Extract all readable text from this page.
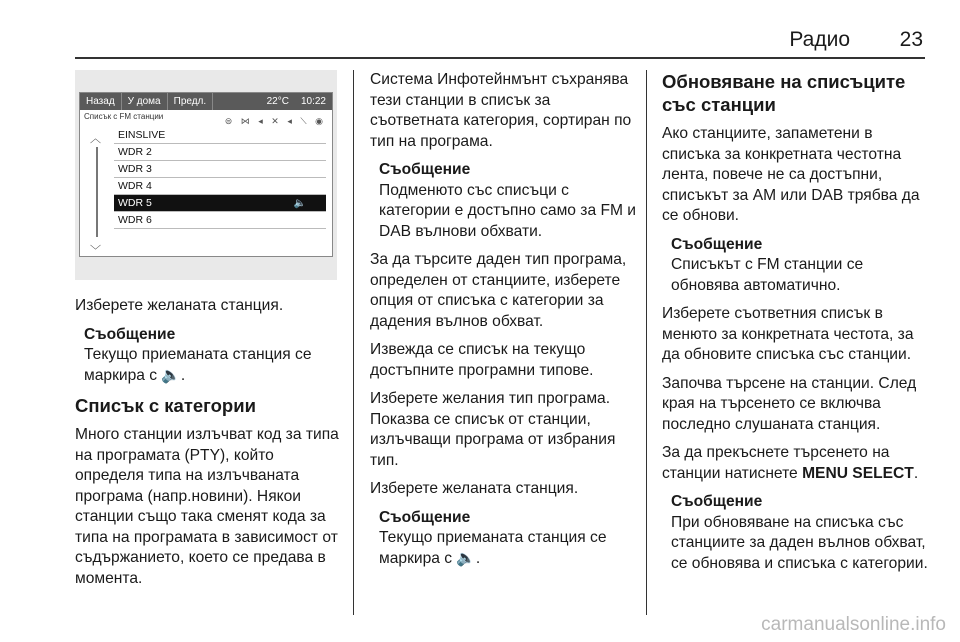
Радио 23
Назад	У дома	Предл.	22°C	10:22
Списък с FM станции	⊜ ⋈ ◂ ✕ ◂ ⟍ ◉
︿
﹀
EINSLIVE
WDR 2
WDR 3
WDR 4
WDR 5	🔈
WDR 6

Изберете желаната станция.

Съобщение
Текущо приеманата станция се маркира с 🔈.
Списък с категории

Много станции излъчват код за типа на програмата (PTY), който определя типа на излъчваната програма (напр.новини). Някои станции също така сменят кода за типа на програмата в зависимост от съдържанието, което се предава в момента.

Система Инфотейнмънт съхранява тези станции в списък за съответната категория, сортиран по тип на програма.

Съобщение
Подменюто със списъци с категории е достъпно само за FM и DAB вълнови обхвати.

За да търсите даден тип програма, определен от станциите, изберете опция от списъка с категории за дадения вълнов обхват.

Извежда се списък на текущо достъпните програмни типове.

Изберете желания тип програма. Показва се списък от станции, излъчващи програма от избрания тип.

Изберете желаната станция.

Съобщение
Текущо приеманата станция се маркира с 🔈.
Обновяване на списъците със станции

Ако станциите, запаметени в списъка за конкретната честотна лента, повече не са достъпни, списъкът за AM или DAB трябва да се обнови.

Съобщение
Списъкът с FM станции се обновява автоматично.

Изберете съответния списък в менюто за конкретната честота, за да обновите списъка със станции.

Започва търсене на станции. След края на търсенето се включва последно слушаната станция.

За да прекъснете търсенето на станции натиснете MENU SELECT.

Съобщение
При обновяване на списъка със станциите за даден вълнов обхват, се обновява и списъка с категории.
carmanualsonline.info
